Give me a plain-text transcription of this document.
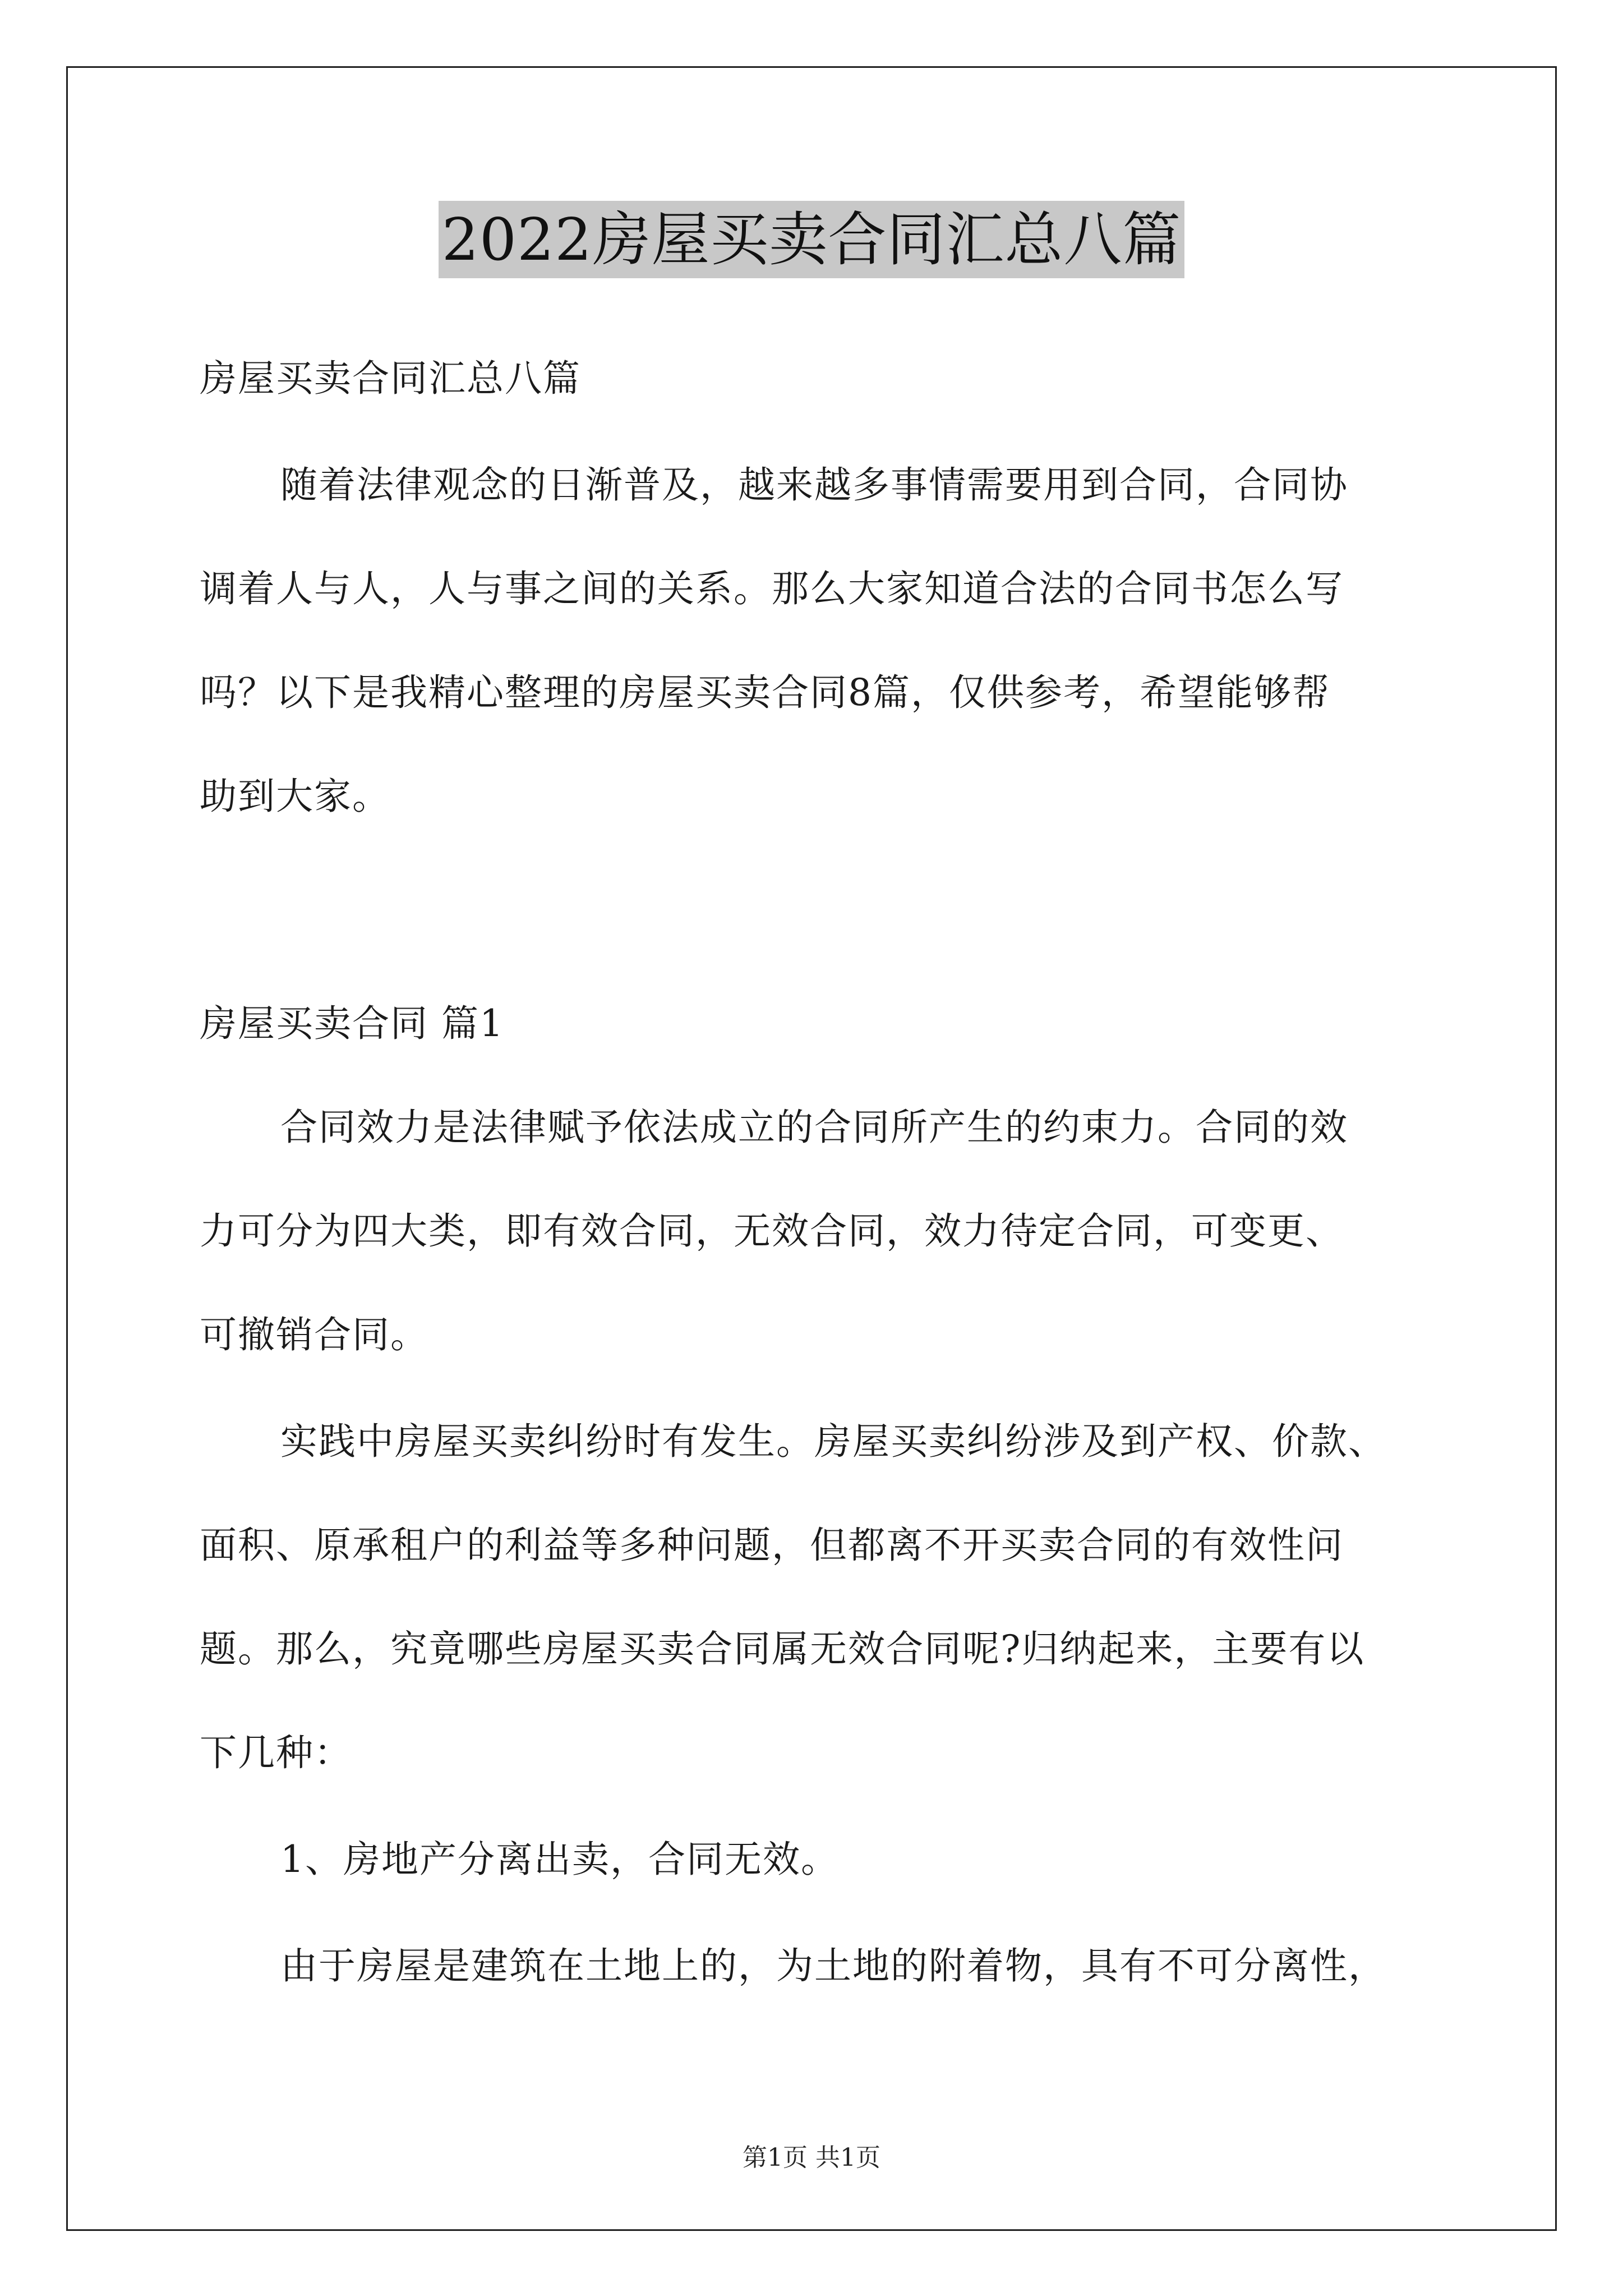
2022房屋买卖合同汇总八篇
房屋买卖合同汇总八篇
随着法律观念的日渐普及，越来越多事情需要用到合同，合同协
调着人与人，人与事之间的关系。那么大家知道合法的合同书怎么写
吗？以下是我精心整理的房屋买卖合同8篇，仅供参考，希望能够帮
助到大家。
房屋买卖合同 篇1
合同效力是法律赋予依法成立的合同所产生的约束力。合同的效
力可分为四大类，即有效合同，无效合同，效力待定合同，可变更、
可撤销合同。
实践中房屋买卖纠纷时有发生。房屋买卖纠纷涉及到产权、价款、
面积、原承租户的利益等多种问题，但都离不开买卖合同的有效性问
题。那么，究竟哪些房屋买卖合同属无效合同呢?归纳起来，主要有以
下几种：
1、房地产分离出卖，合同无效。
由于房屋是建筑在土地上的，为土地的附着物，具有不可分离性，
第1页 共1页
